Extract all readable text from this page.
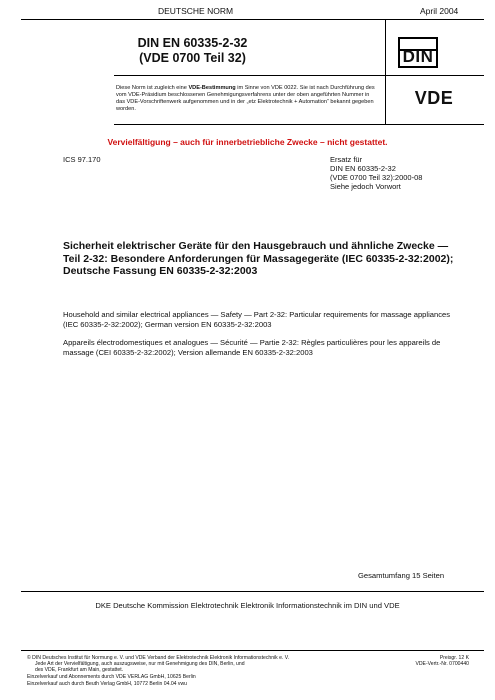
DEUTSCHE NORM	April 2004
DIN EN 60335-2-32
(VDE 0700 Teil 32)	DIN
VDE
Diese Norm ist zugleich eine VDE-Bestimmung im Sinne von VDE 0022. Sie ist nach Durchführung des vom VDE-Präsidium beschlossenen Genehmigungsverfahrens unter der oben angeführten Nummer in das VDE-Vorschriftenwerk aufgenommen und in der „etz Elektrotechnik + Automation“ bekannt gegeben worden.
Vervielfältigung – auch für innerbetriebliche Zwecke – nicht gestattet.
ICS 97.170	Ersatz für
DIN EN 60335-2-32
(VDE 0700 Teil 32):2000-08
Siehe jedoch Vorwort
Sicherheit elektrischer Geräte für den Hausgebrauch und ähnliche Zwecke —
Teil 2-32: Besondere Anforderungen für Massagegeräte (IEC 60335-2-32:2002);
Deutsche Fassung EN 60335-2-32:2003
Household and similar electrical appliances — Safety — Part 2-32: Particular requirements for massage appliances (IEC 60335-2-32:2002); German version EN 60335-2-32:2003
Appareils électrodomestiques et analogues — Sécurité — Partie 2-32: Règles particulières pour les appareils de massage (CEI 60335-2-32:2002); Version allemande EN 60335-2-32:2003
Gesamtumfang 15 Seiten
DKE Deutsche Kommission Elektrotechnik Elektronik Informationstechnik im DIN und VDE
© DIN Deutsches Institut für Normung e. V. und VDE Verband der Elektrotechnik Elektronik Informationstechnik e. V.
Jede Art der Vervielfältigung, auch auszugsweise, nur mit Genehmigung des DIN, Berlin, und
des VDE, Frankfurt am Main, gestattet.
Einzelverkauf und Abonnements durch VDE VERLAG GmbH, 10625 Berlin
Einzelverkauf auch durch Beuth Verlag GmbH, 10772 Berlin 04.04 vwu
Preisgr. 12 K
VDE-Vertr.-Nr. 0700440
